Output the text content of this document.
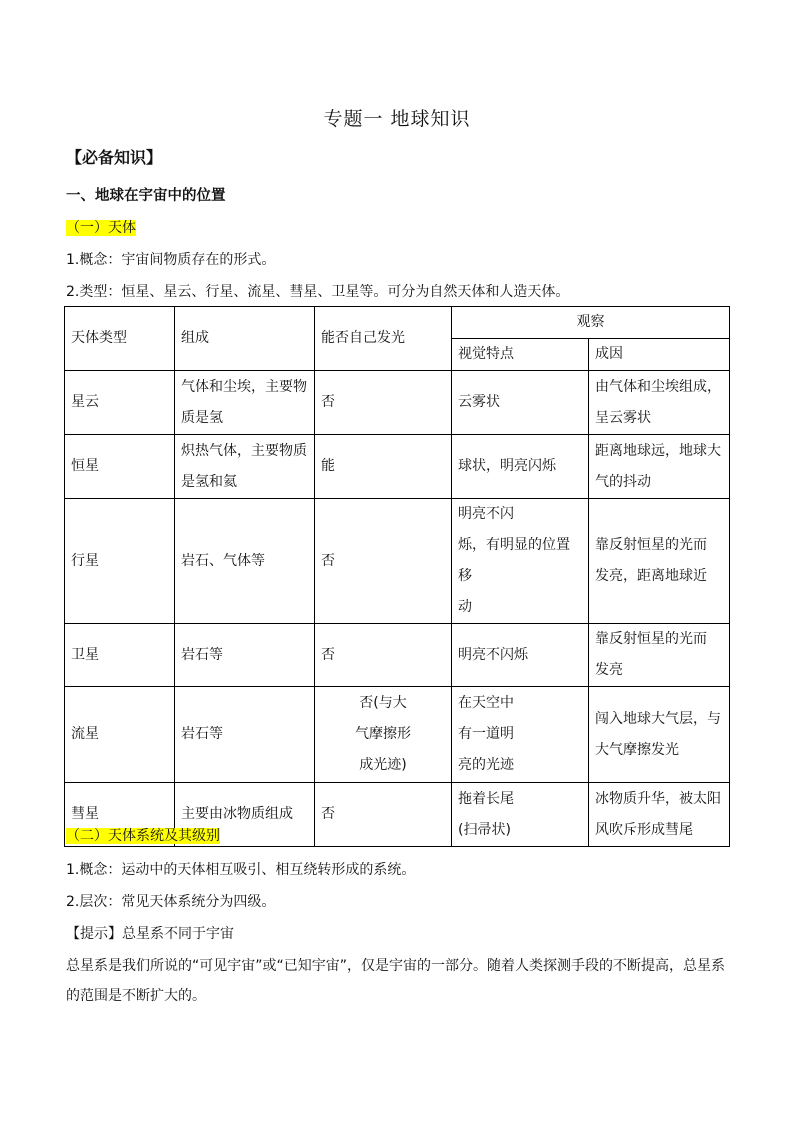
专题一 地球知识
【必备知识】
一、地球在宇宙中的位置
（一）天体
1.概念：宇宙间物质存在的形式。
2.类型：恒星、星云、行星、流星、彗星、卫星等。可分为自然天体和人造天体。
天体类型	组成	能否自己发光	观察	
			视觉特点	成因
星云	气体和尘埃，主要物
质是氢	否	云雾状	由气体和尘埃组成，
呈云雾状
恒星	炽热气体，主要物质
是氢和氦	能	球状，明亮闪烁	距离地球远，地球大
气的抖动
行星	岩石、气体等	否	明亮不闪
烁，有明显的位置移
动	靠反射恒星的光而
发亮，距离地球近
卫星	岩石等	否	明亮不闪烁	靠反射恒星的光而
发亮
流星	岩石等	否(与大
气摩擦形
成光迹)	在天空中
有一道明
亮的光迹	闯入地球大气层，与
大气摩擦发光
彗星	主要由冰物质组成	否	拖着长尾
(扫帚状)	冰物质升华，被太阳
风吹斥形成彗尾
（二）天体系统及其级别
1.概念：运动中的天体相互吸引、相互绕转形成的系统。
2.层次：常见天体系统分为四级。
【提示】总星系不同于宇宙
总星系是我们所说的“可见宇宙”或“已知宇宙”，仅是宇宙的一部分。随着人类探测手段的不断提高，总星系的范围是不断扩大的。
